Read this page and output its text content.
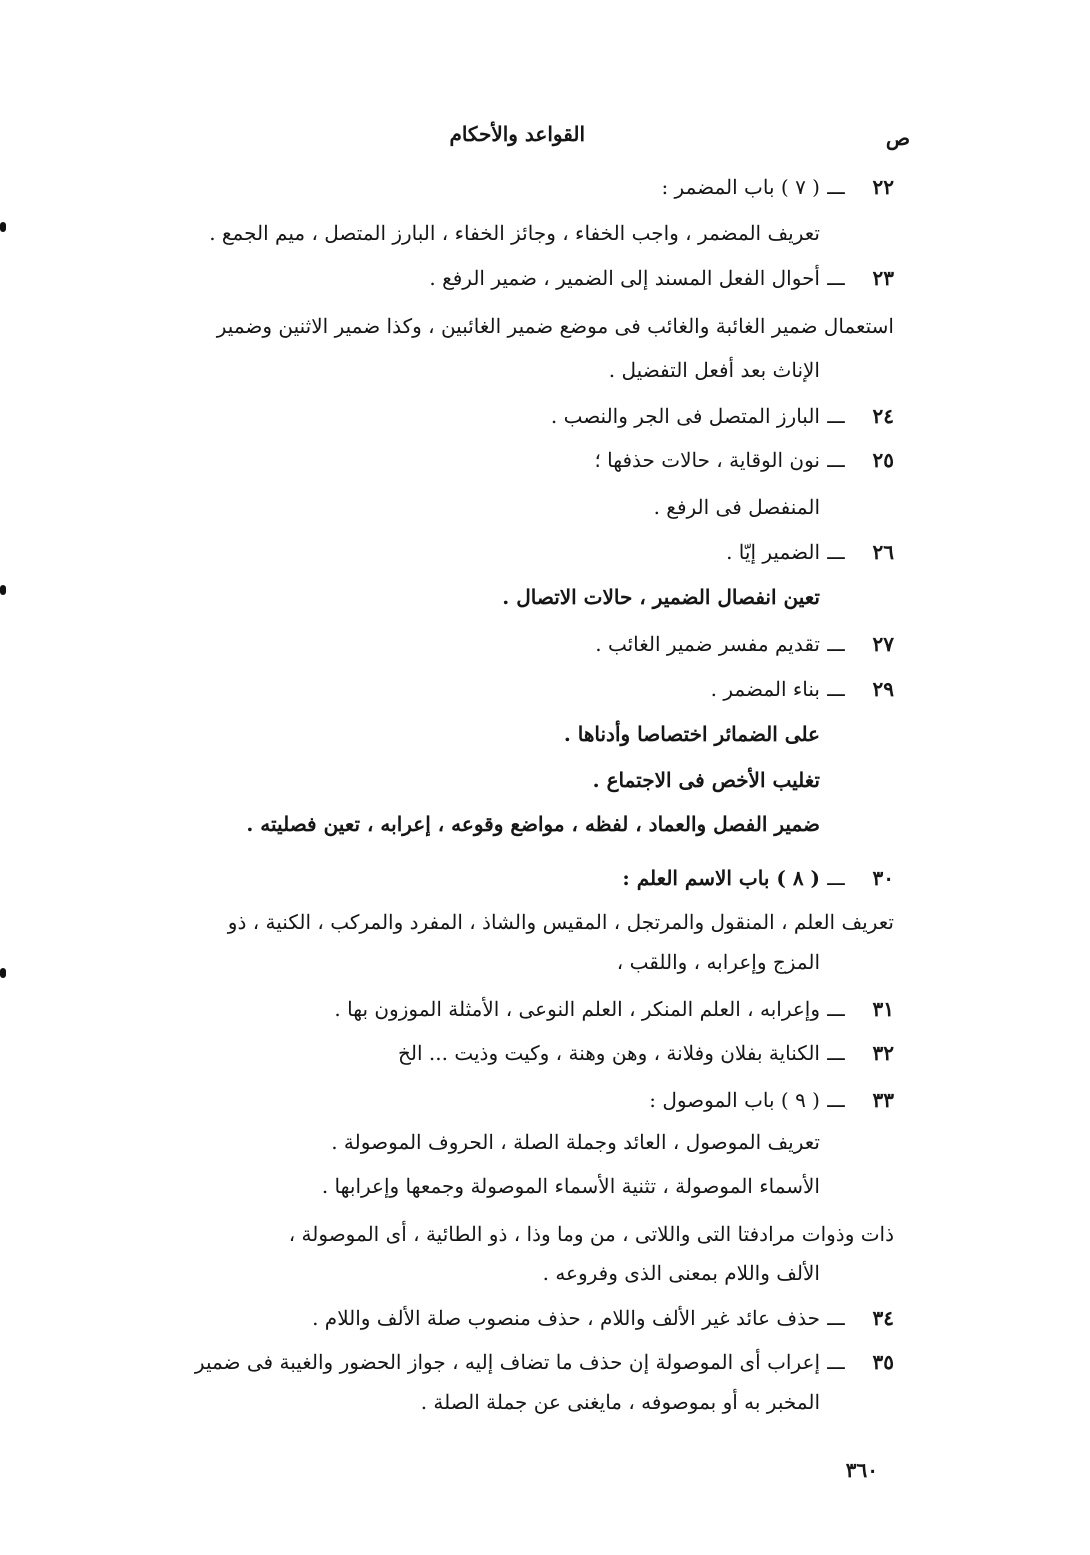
ص
القواعد والأحكام
٢٢
ـــ
( ٧ ) باب المضمر :
تعريف المضمر ، واجب الخفاء ، وجائز الخفاء ، البارز المتصل ، ميم الجمع .
٢٣
ـــ
أحوال الفعل المسند إلى الضمير ، ضمير الرفع .
استعمال ضمير الغائبة والغائب فى موضع ضمير الغائبين ، وكذا ضمير الاثنين وضمير
الإناث بعد أفعل التفضيل .
٢٤
ـــ
البارز المتصل فى الجر والنصب .
٢٥
ـــ
نون الوقاية ، حالات حذفها ؛
المنفصل فى الرفع .
٢٦
ـــ
الضمير إيّا .
تعين انفصال الضمير ، حالات الاتصال .
٢٧
ـــ
تقديم مفسر ضمير الغائب .
٢٩
ـــ
بناء المضمر .
على الضمائر اختصاصا وأدناها .
تغليب الأخص فى الاجتماع .
ضمير الفصل والعماد ، لفظه ، مواضع وقوعه ، إعرابه ، تعين فصليته .
٣٠
ـــ
( ٨ ) باب الاسم العلم :
تعريف العلم ، المنقول والمرتجل ، المقيس والشاذ ، المفرد والمركب ، الكنية ، ذو
المزج وإعرابه ، واللقب ،
٣١
ـــ
وإعرابه ، العلم المنكر ، العلم النوعى ، الأمثلة الموزون بها .
٣٢
ـــ
الكناية بفلان وفلانة ، وهن وهنة ، وكيت وذيت ... الخ
٣٣
ـــ
( ٩ ) باب الموصول :
تعريف الموصول ، العائد وجملة الصلة ، الحروف الموصولة .
الأسماء الموصولة ، تثنية الأسماء الموصولة وجمعها وإعرابها .
ذات وذوات مرادفتا التى واللاتى ، من وما وذا ، ذو الطائية ، أى الموصولة ،
الألف واللام بمعنى الذى وفروعه .
٣٤
ـــ
حذف عائد غير الألف واللام ، حذف منصوب صلة الألف واللام .
٣٥
ـــ
إعراب أى الموصولة إن حذف ما تضاف إليه ، جواز الحضور والغيبة فى ضمير
المخبر به أو بموصوفه ، مايغنى عن جملة الصلة .
٣٦٠
